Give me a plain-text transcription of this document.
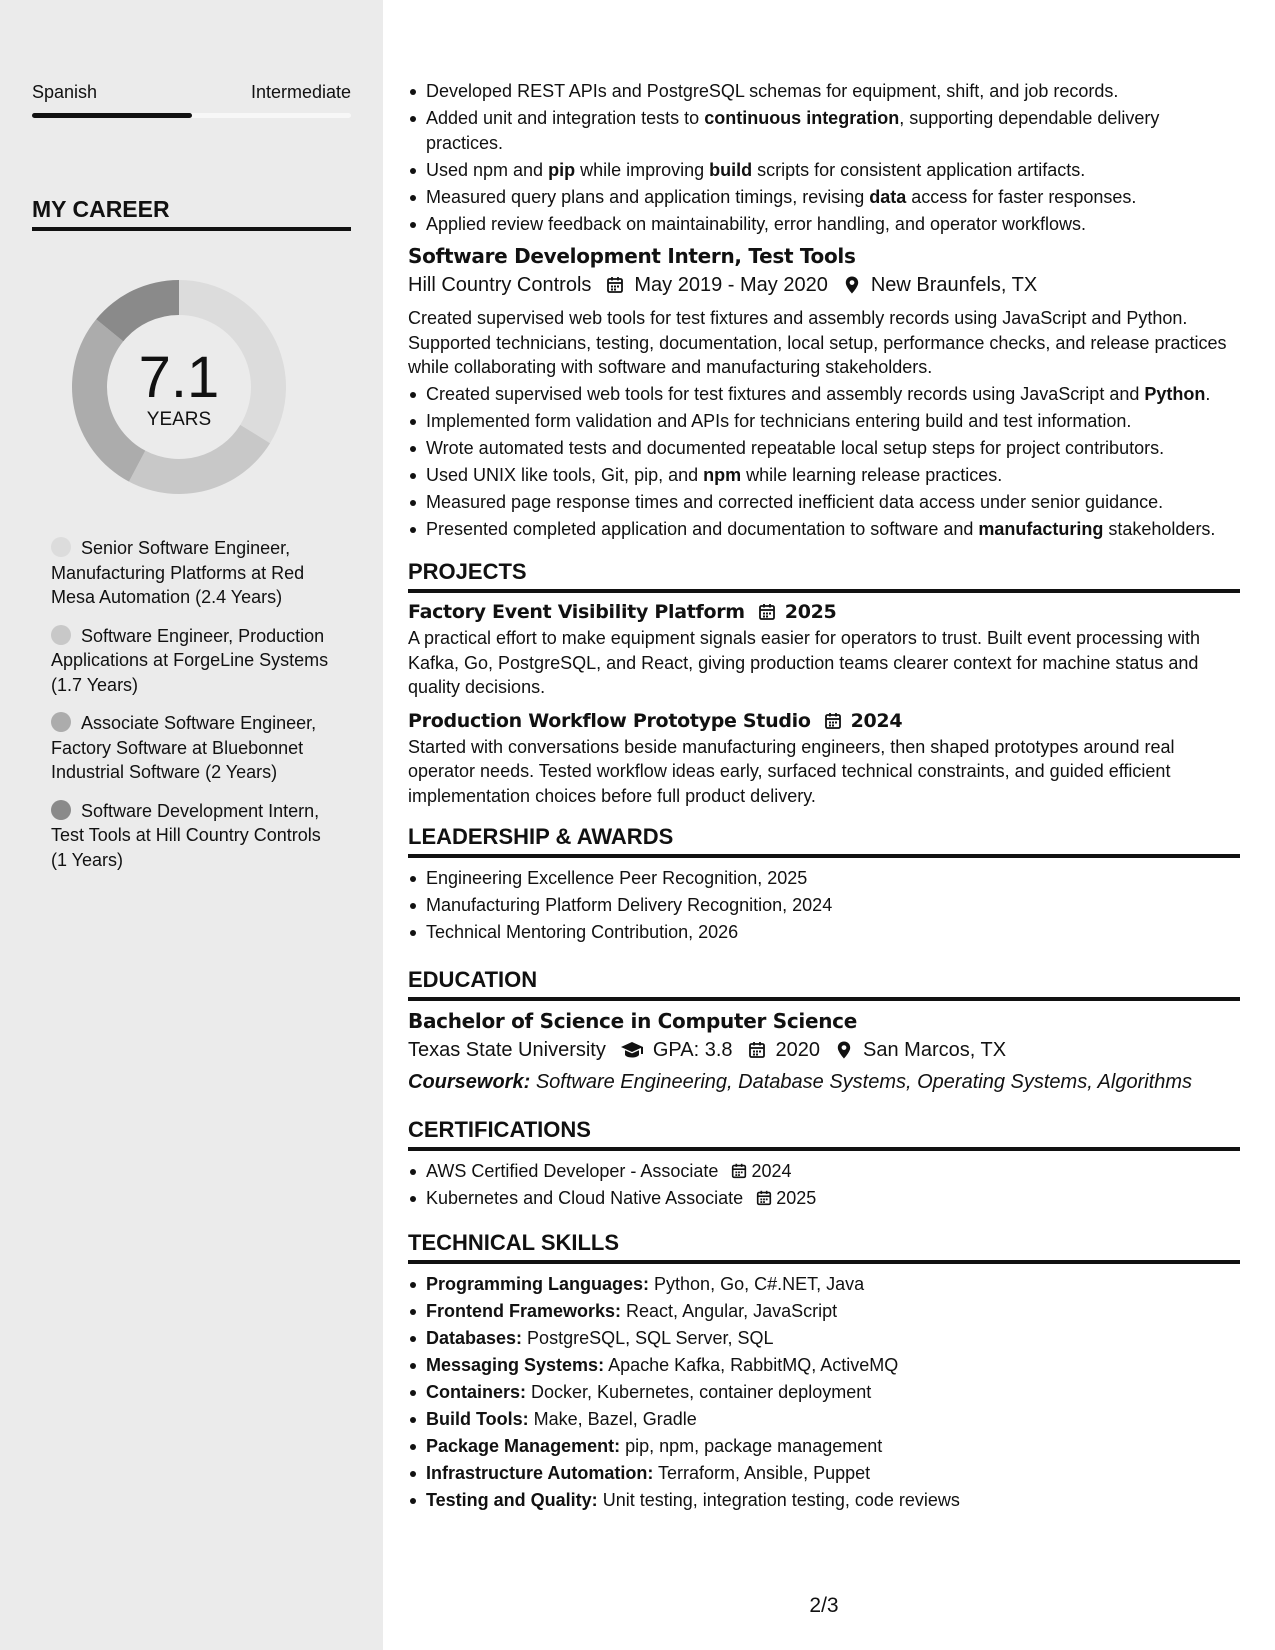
Spanish	Intermediate
MY CAREER
7.1
YEARS
Senior Software Engineer, Manufacturing Platforms at Red Mesa Automation (2.4 Years)
Software Engineer, Production Applications at ForgeLine Systems (1.7 Years)
Associate Software Engineer, Factory Software at Bluebonnet Industrial Software (2 Years)
Software Development Intern, Test Tools at Hill Country Controls (1 Years)
Developed REST APIs and PostgreSQL schemas for equipment, shift, and job records.
Added unit and integration tests to continuous integration, supporting dependable delivery practices.
Used npm and pip while improving build scripts for consistent application artifacts.
Measured query plans and application timings, revising data access for faster responses.
Applied review feedback on maintainability, error handling, and operator workflows.
Software Development Intern, Test Tools
Hill Country Controls May 2019 - May 2020 New Braunfels, TX
Created supervised web tools for test fixtures and assembly records using JavaScript and Python. Supported technicians, testing, documentation, local setup, performance checks, and release practices while collaborating with software and manufacturing stakeholders.
Created supervised web tools for test fixtures and assembly records using JavaScript and Python.
Implemented form validation and APIs for technicians entering build and test information.
Wrote automated tests and documented repeatable local setup steps for project contributors.
Used UNIX like tools, Git, pip, and npm while learning release practices.
Measured page response times and corrected inefficient data access under senior guidance.
Presented completed application and documentation to software and manufacturing stakeholders.
PROJECTS
Factory Event Visibility Platform 2025
A practical effort to make equipment signals easier for operators to trust. Built event processing with Kafka, Go, PostgreSQL, and React, giving production teams clearer context for machine status and quality decisions.
Production Workflow Prototype Studio 2024
Started with conversations beside manufacturing engineers, then shaped prototypes around real operator needs. Tested workflow ideas early, surfaced technical constraints, and guided efficient implementation choices before full product delivery.
LEADERSHIP & AWARDS
Engineering Excellence Peer Recognition, 2025
Manufacturing Platform Delivery Recognition, 2024
Technical Mentoring Contribution, 2026
EDUCATION
Bachelor of Science in Computer Science
Texas State University GPA: 3.8 2020 San Marcos, TX
Coursework: Software Engineering, Database Systems, Operating Systems, Algorithms
CERTIFICATIONS
AWS Certified Developer - Associate 2024
Kubernetes and Cloud Native Associate 2025
TECHNICAL SKILLS
Programming Languages: Python, Go, C#.NET, Java
Frontend Frameworks: React, Angular, JavaScript
Databases: PostgreSQL, SQL Server, SQL
Messaging Systems: Apache Kafka, RabbitMQ, ActiveMQ
Containers: Docker, Kubernetes, container deployment
Build Tools: Make, Bazel, Gradle
Package Management: pip, npm, package management
Infrastructure Automation: Terraform, Ansible, Puppet
Testing and Quality: Unit testing, integration testing, code reviews
2/3
